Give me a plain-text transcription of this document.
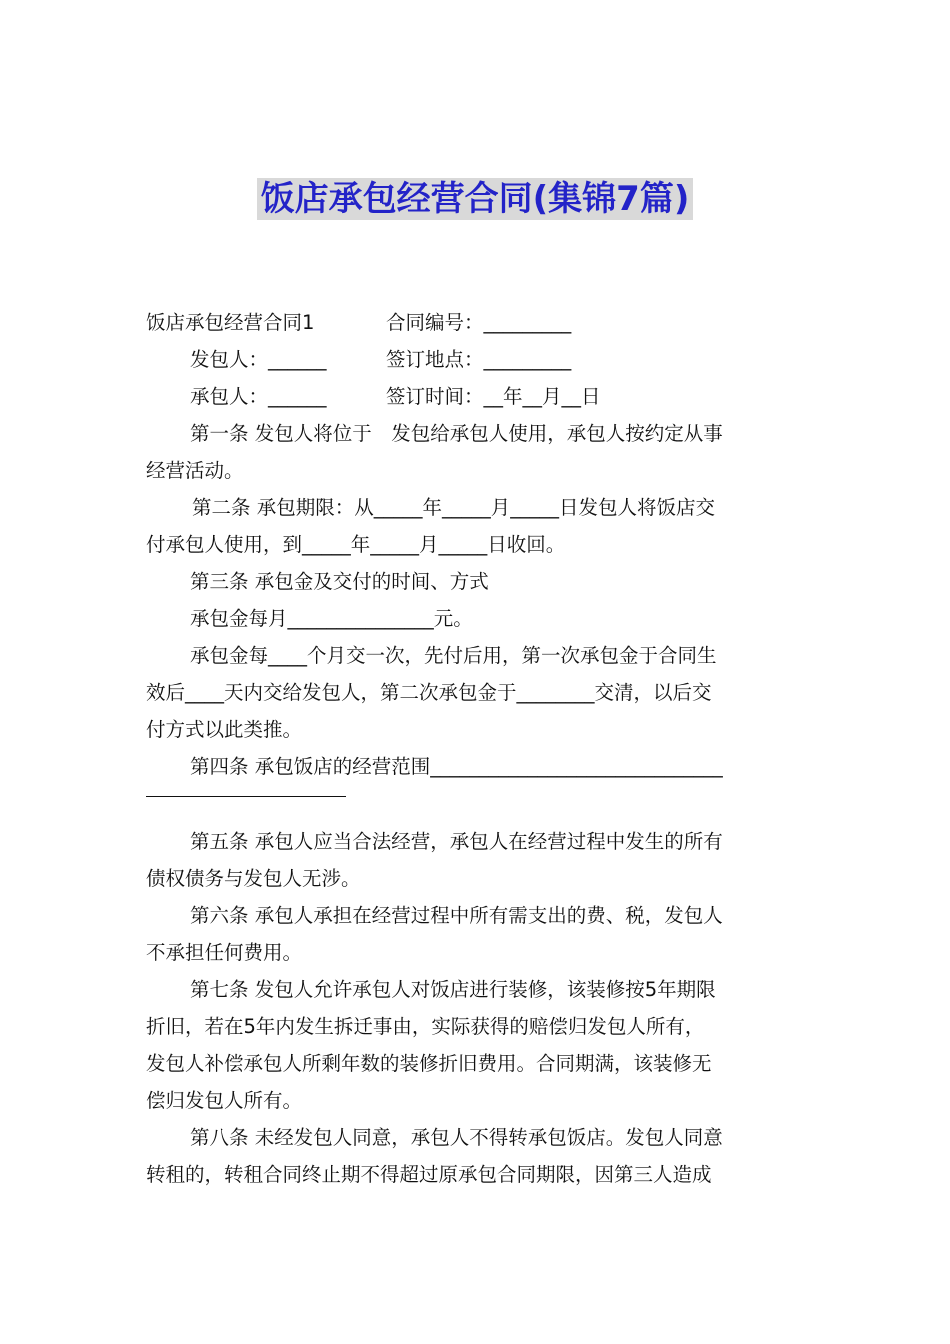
饭店承包经营合同(集锦7篇)
饭店承包经营合同1	合同编号：_________
发包人：______	签订地点：_________
承包人：______	签订时间：__年__月__日
第一条 发包人将位于　发包给承包人使用，承包人按约定从事
经营活动。
第二条 承包期限：从_____年_____月_____日发包人将饭店交
付承包人使用，到_____年_____月_____日收回。
第三条 承包金及交付的时间、方式
承包金每月_______________元。
承包金每____个月交一次，先付后用，第一次承包金于合同生
效后____天内交给发包人，第二次承包金于________交清，以后交
付方式以此类推。
第四条 承包饭店的经营范围______________________________
第五条 承包人应当合法经营，承包人在经营过程中发生的所有
债权债务与发包人无涉。
第六条 承包人承担在经营过程中所有需支出的费、税，发包人
不承担任何费用。
第七条 发包人允许承包人对饭店进行装修，该装修按5年期限
折旧，若在5年内发生拆迁事由，实际获得的赔偿归发包人所有，
发包人补偿承包人所剩年数的装修折旧费用。合同期满，该装修无
偿归发包人所有。
第八条 未经发包人同意，承包人不得转承包饭店。发包人同意
转租的，转租合同终止期不得超过原承包合同期限，因第三人造成
